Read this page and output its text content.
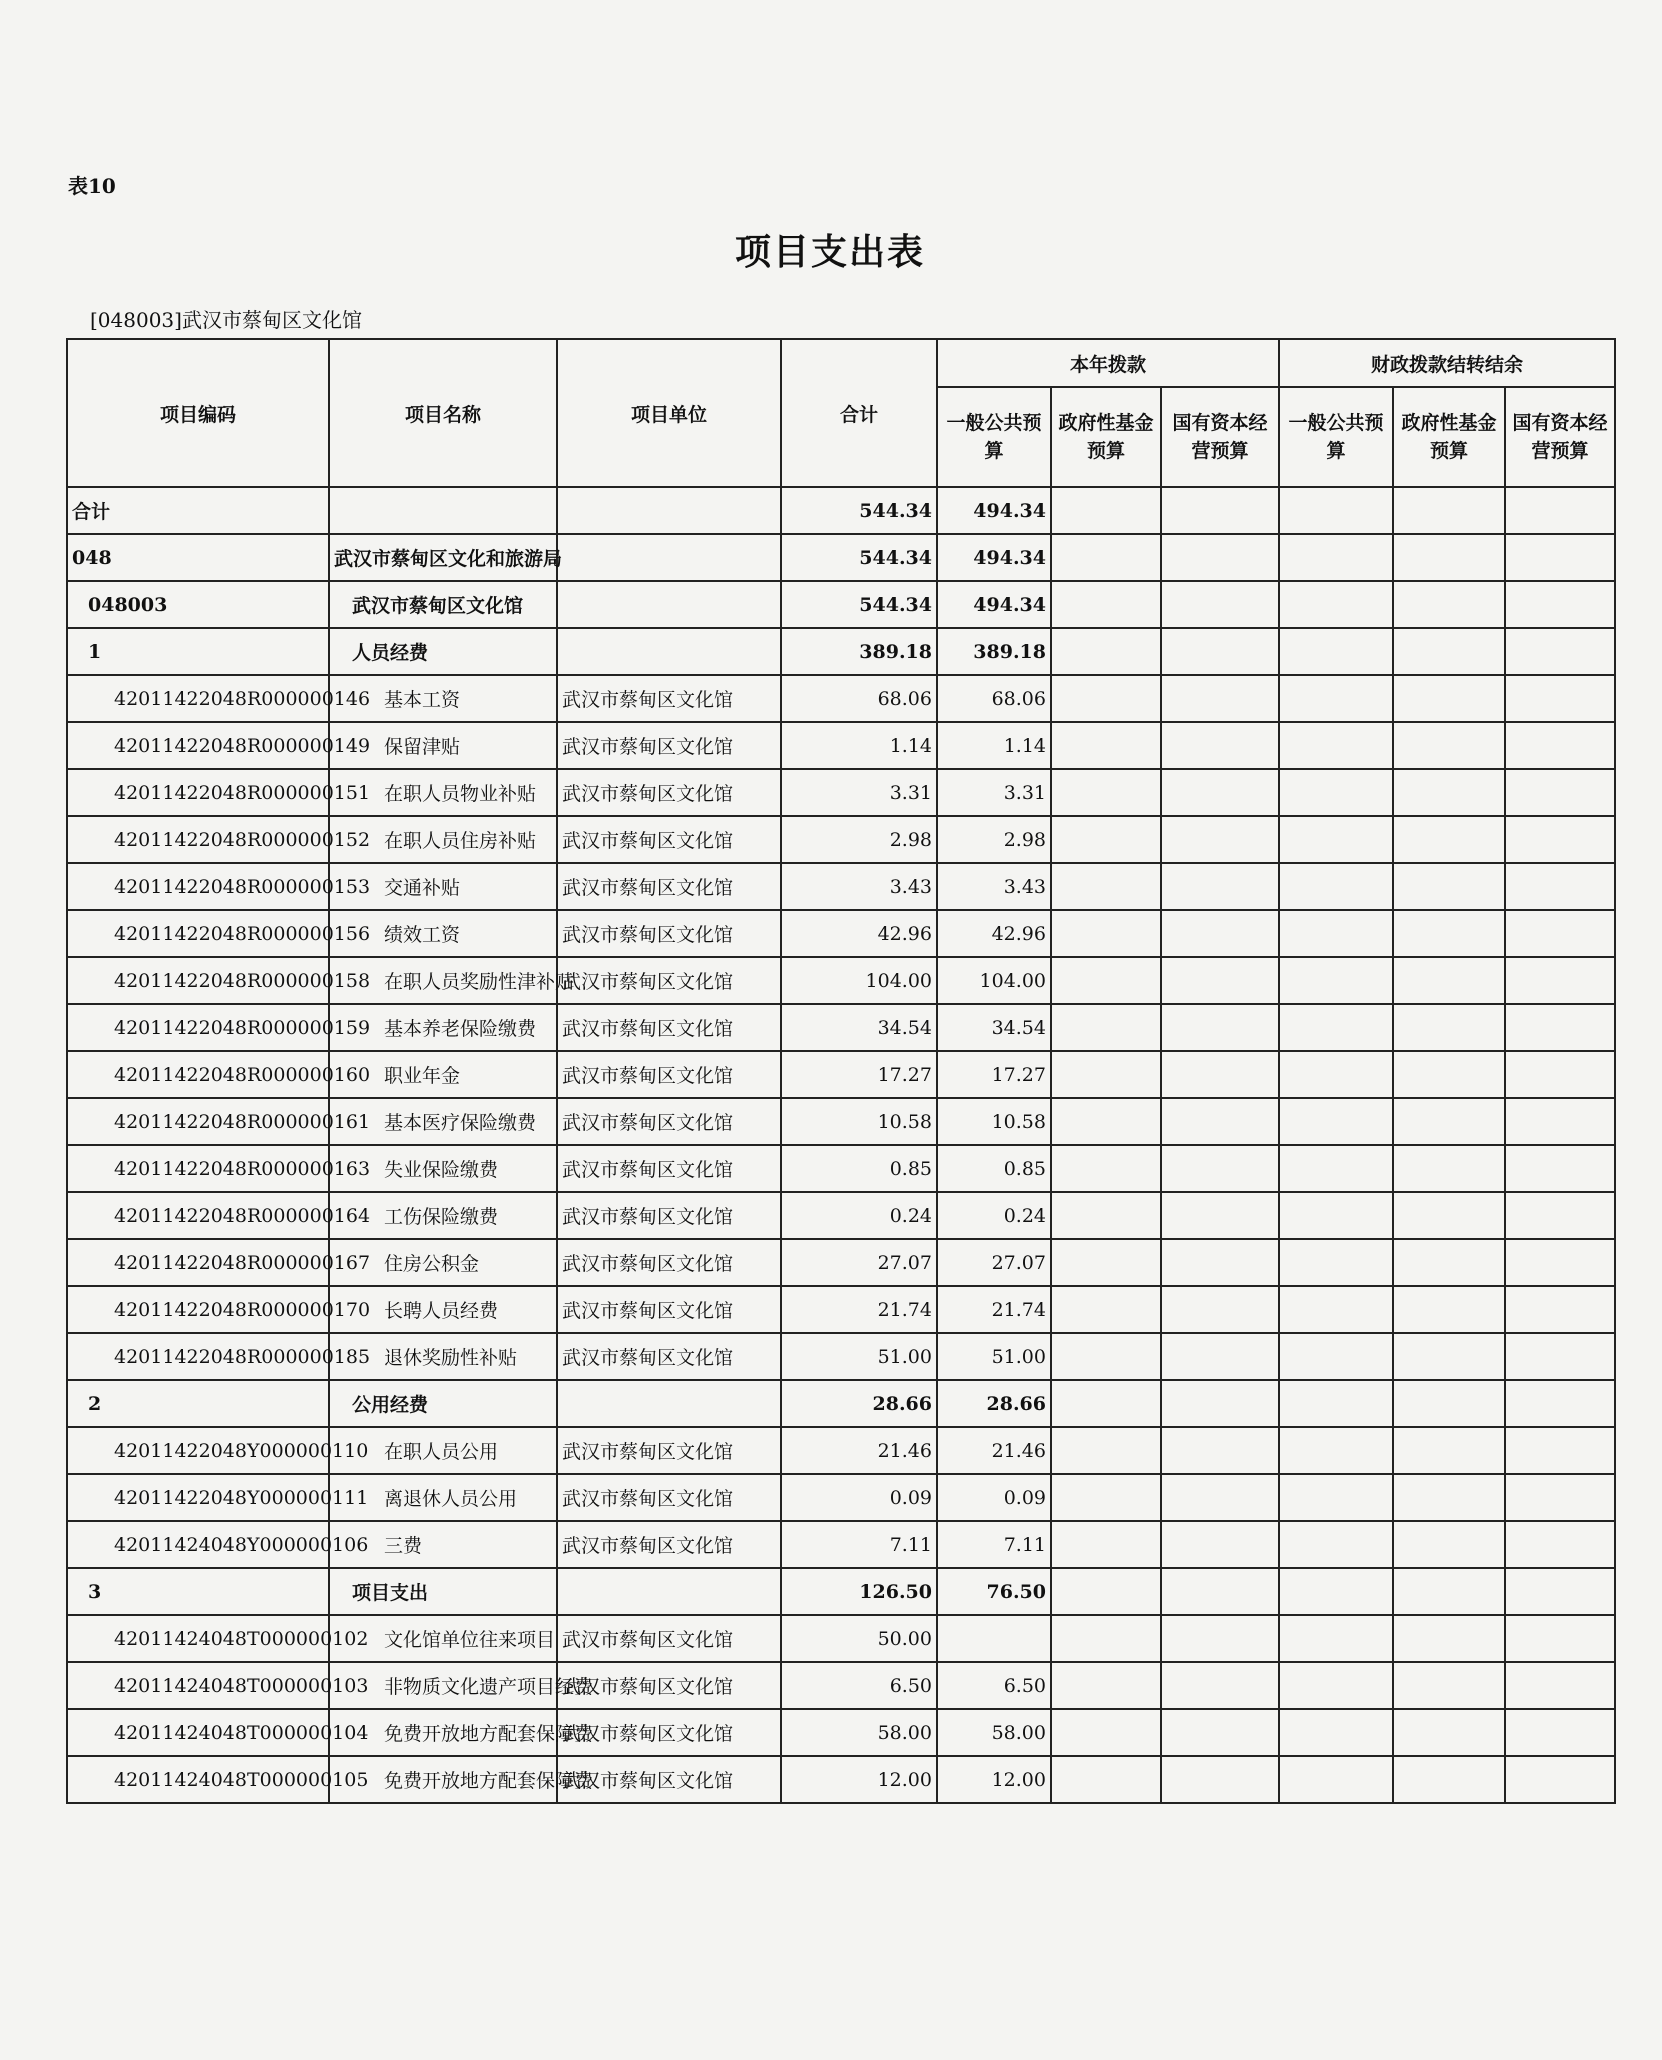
表10
项目支出表
[048003]武汉市蔡甸区文化馆
项目编码	项目名称	项目单位	合计	本年拨款			财政拨款结转结余		
				一般公共预算	政府性基金预算	国有资本经营预算	一般公共预算	政府性基金预算	国有资本经营预算
合计			544.34	494.34					
048	武汉市蔡甸区文化和旅游局		544.34	494.34					
048003	武汉市蔡甸区文化馆		544.34	494.34					
1	人员经费		389.18	389.18					
42011422048R000000146	基本工资	武汉市蔡甸区文化馆	68.06	68.06					
42011422048R000000149	保留津贴	武汉市蔡甸区文化馆	1.14	1.14					
42011422048R000000151	在职人员物业补贴	武汉市蔡甸区文化馆	3.31	3.31					
42011422048R000000152	在职人员住房补贴	武汉市蔡甸区文化馆	2.98	2.98					
42011422048R000000153	交通补贴	武汉市蔡甸区文化馆	3.43	3.43					
42011422048R000000156	绩效工资	武汉市蔡甸区文化馆	42.96	42.96					
42011422048R000000158	在职人员奖励性津补贴	武汉市蔡甸区文化馆	104.00	104.00					
42011422048R000000159	基本养老保险缴费	武汉市蔡甸区文化馆	34.54	34.54					
42011422048R000000160	职业年金	武汉市蔡甸区文化馆	17.27	17.27					
42011422048R000000161	基本医疗保险缴费	武汉市蔡甸区文化馆	10.58	10.58					
42011422048R000000163	失业保险缴费	武汉市蔡甸区文化馆	0.85	0.85					
42011422048R000000164	工伤保险缴费	武汉市蔡甸区文化馆	0.24	0.24					
42011422048R000000167	住房公积金	武汉市蔡甸区文化馆	27.07	27.07					
42011422048R000000170	长聘人员经费	武汉市蔡甸区文化馆	21.74	21.74					
42011422048R000000185	退休奖励性补贴	武汉市蔡甸区文化馆	51.00	51.00					
2	公用经费		28.66	28.66					
42011422048Y000000110	在职人员公用	武汉市蔡甸区文化馆	21.46	21.46					
42011422048Y000000111	离退休人员公用	武汉市蔡甸区文化馆	0.09	0.09					
42011424048Y000000106	三费	武汉市蔡甸区文化馆	7.11	7.11					
3	项目支出		126.50	76.50					
42011424048T000000102	文化馆单位往来项目	武汉市蔡甸区文化馆	50.00						
42011424048T000000103	非物质文化遗产项目经费	武汉市蔡甸区文化馆	6.50	6.50					
42011424048T000000104	免费开放地方配套保障费	武汉市蔡甸区文化馆	58.00	58.00					
42011424048T000000105	免费开放地方配套保障费	武汉市蔡甸区文化馆	12.00	12.00					
